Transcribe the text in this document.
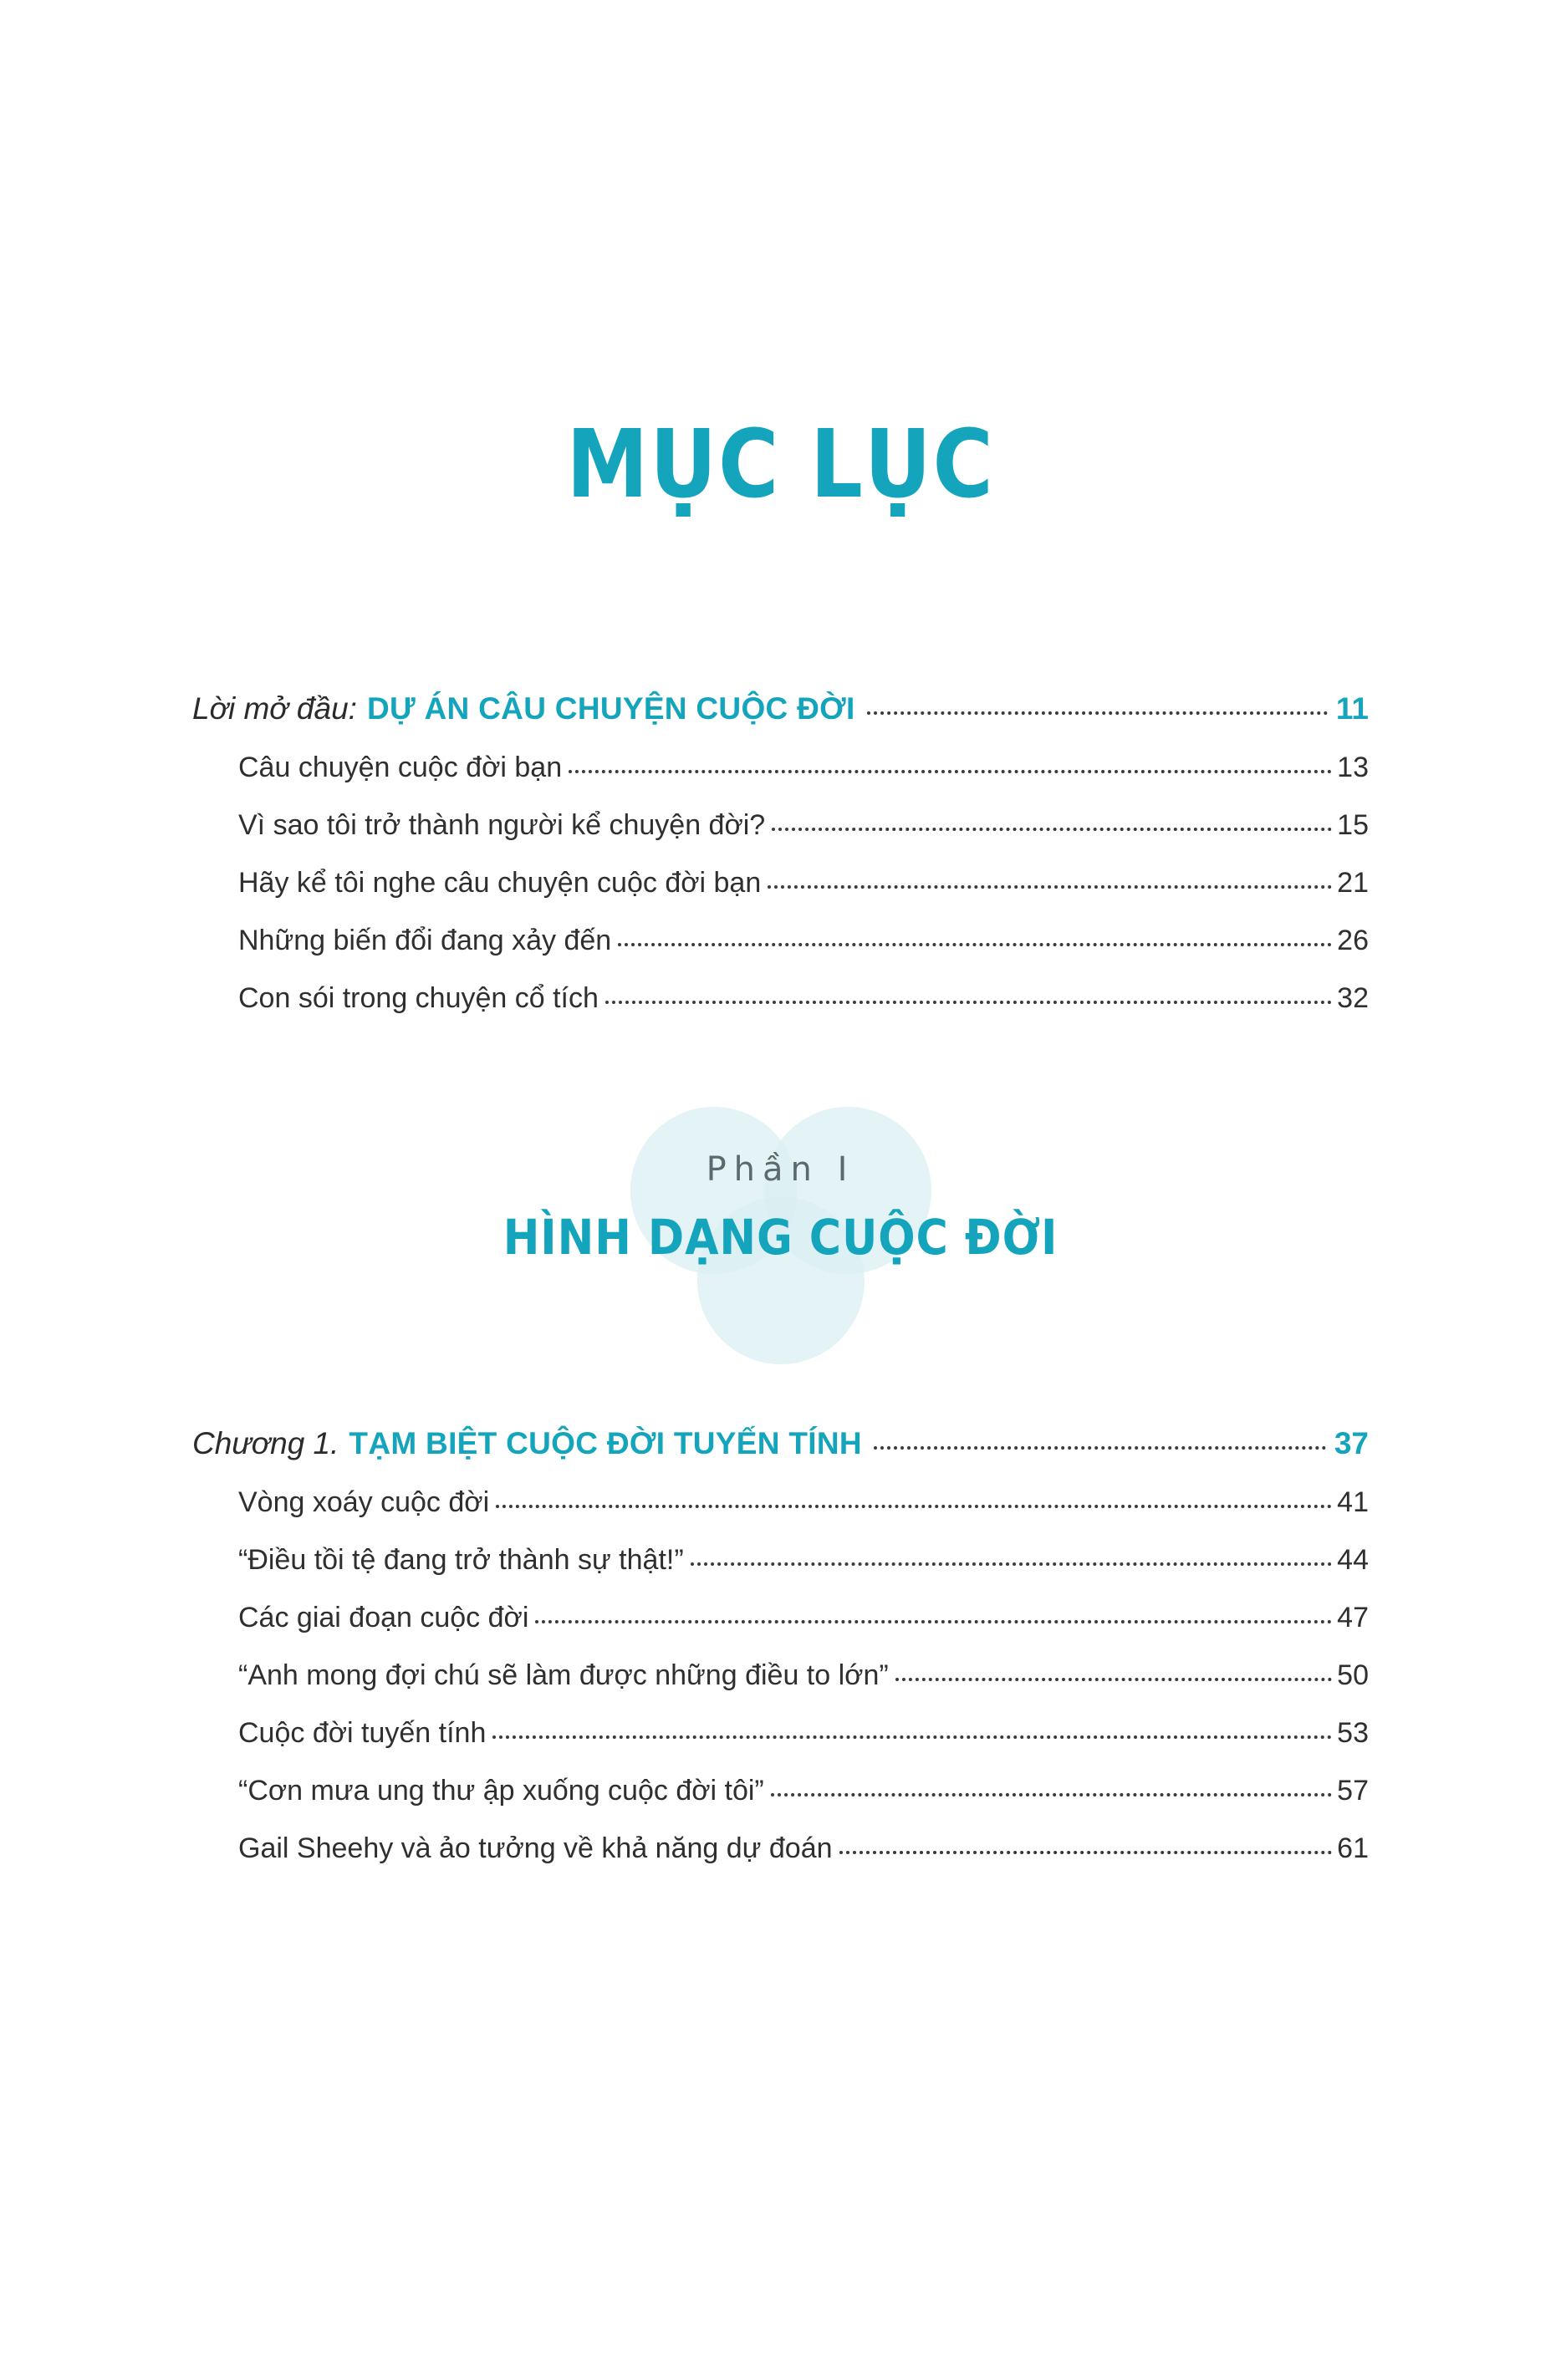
MỤC LỤC
Lời mở đầu: DỰ ÁN CÂU CHUYỆN CUỘC ĐỜI	11
Câu chuyện cuộc đời bạn	13
Vì sao tôi trở thành người kể chuyện đời?	15
Hãy kể tôi nghe câu chuyện cuộc đời bạn	21
Những biến đổi đang xảy đến	26
Con sói trong chuyện cổ tích	32
Phần I
HÌNH DẠNG CUỘC ĐỜI
Chương 1. TẠM BIỆT CUỘC ĐỜI TUYẾN TÍNH	37
Vòng xoáy cuộc đời	41
“Điều tồi tệ đang trở thành sự thật!”	44
Các giai đoạn cuộc đời	47
“Anh mong đợi chú sẽ làm được những điều to lớn”	50
Cuộc đời tuyến tính	53
“Cơn mưa ung thư ập xuống cuộc đời tôi”	57
Gail Sheehy và ảo tưởng về khả năng dự đoán	61
